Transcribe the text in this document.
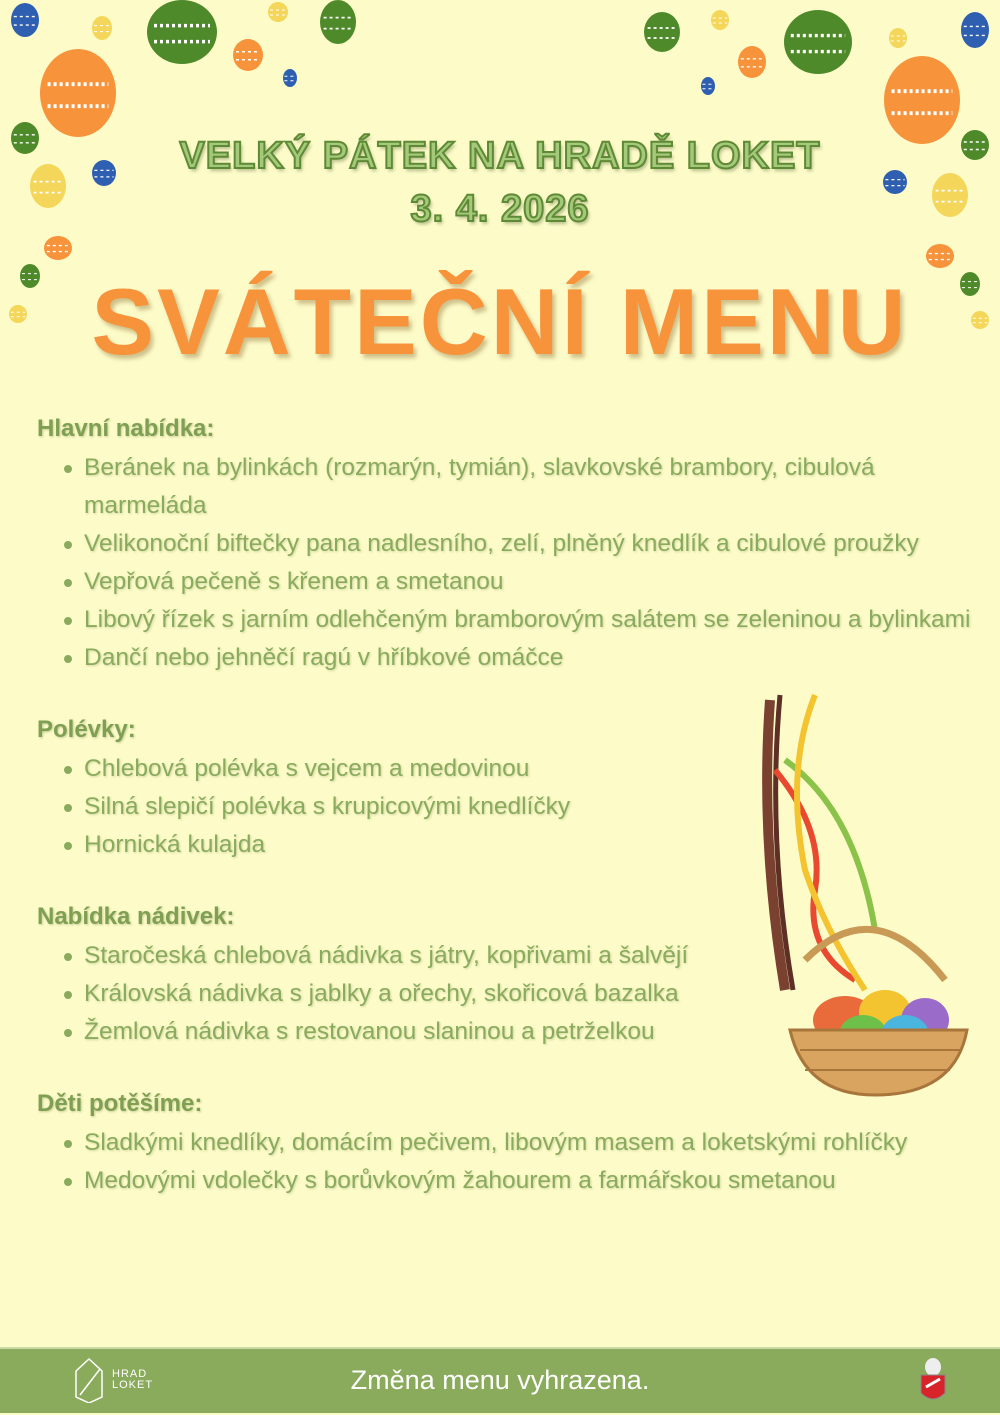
VELKÝ PÁTEK NA HRADĚ LOKET
3. 4. 2026
SVÁTEČNÍ MENU
Hlavní nabídka:
Beránek na bylinkách (rozmarýn, tymián), slavkovské brambory, cibulová marmeláda
Velikonoční biftečky pana nadlesního, zelí, plněný knedlík a cibulové proužky
Vepřová pečeně s křenem a smetanou
Libový řízek s jarním odlehčeným bramborovým salátem se zeleninou a bylinkami
Dančí nebo jehněčí ragú v hříbkové omáčce
Polévky:
Chlebová polévka s vejcem a medovinou
Silná slepičí polévka s krupicovými knedlíčky
Hornická kulajda
Nabídka nádivek:
Staročeská chlebová nádivka s játry, kopřivami a šalvějí
Královská nádivka s jablky a ořechy, skořicová bazalka
Žemlová nádivka s restovanou slaninou a petrželkou
Děti potěšíme:
Sladkými knedlíky, domácím pečivem, libovým masem a loketskými rohlíčky
Medovými vdolečky s borůvkovým žahourem a farmářskou smetanou
HRAD
LOKET	Změna menu vyhrazena.
